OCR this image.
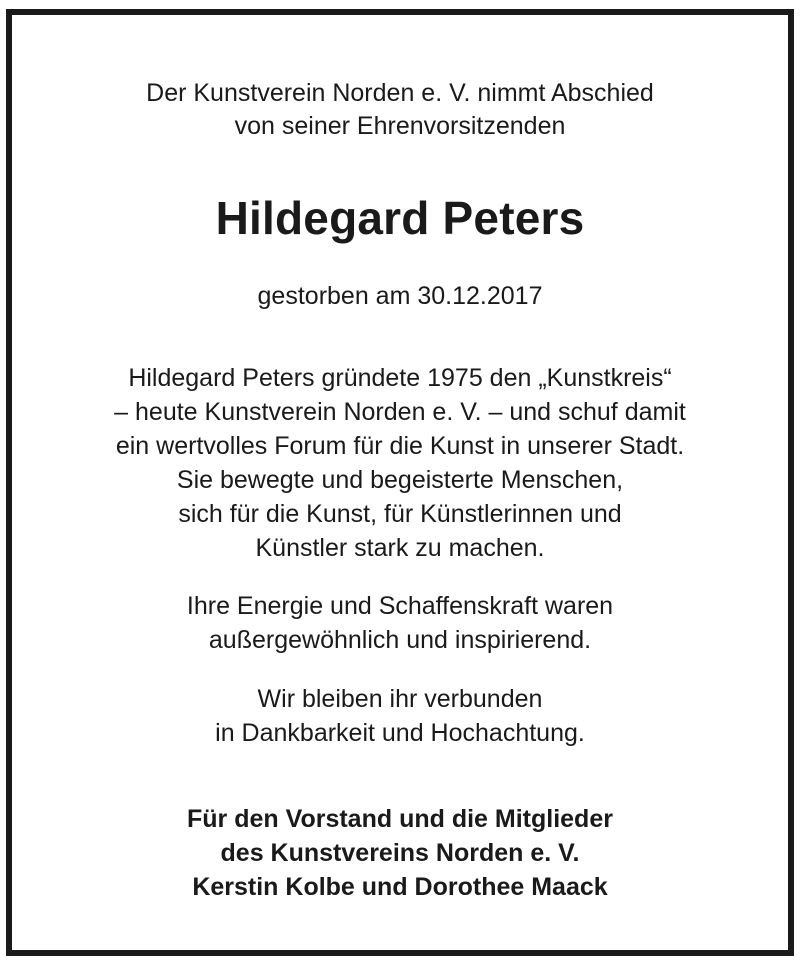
Der Kunstverein Norden e. V. nimmt Abschied
von seiner Ehrenvorsitzenden
Hildegard Peters
gestorben am 30.12.2017
Hildegard Peters gründete 1975 den „Kunstkreis“
– heute Kunstverein Norden e. V. – und schuf damit
ein wertvolles Forum für die Kunst in unserer Stadt.
Sie bewegte und begeisterte Menschen,
sich für die Kunst, für Künstlerinnen und
Künstler stark zu machen.
Ihre Energie und Schaffenskraft waren
außergewöhnlich und inspirierend.
Wir bleiben ihr verbunden
in Dankbarkeit und Hochachtung.
Für den Vorstand und die Mitglieder
des Kunstvereins Norden e. V.
Kerstin Kolbe und Dorothee Maack
